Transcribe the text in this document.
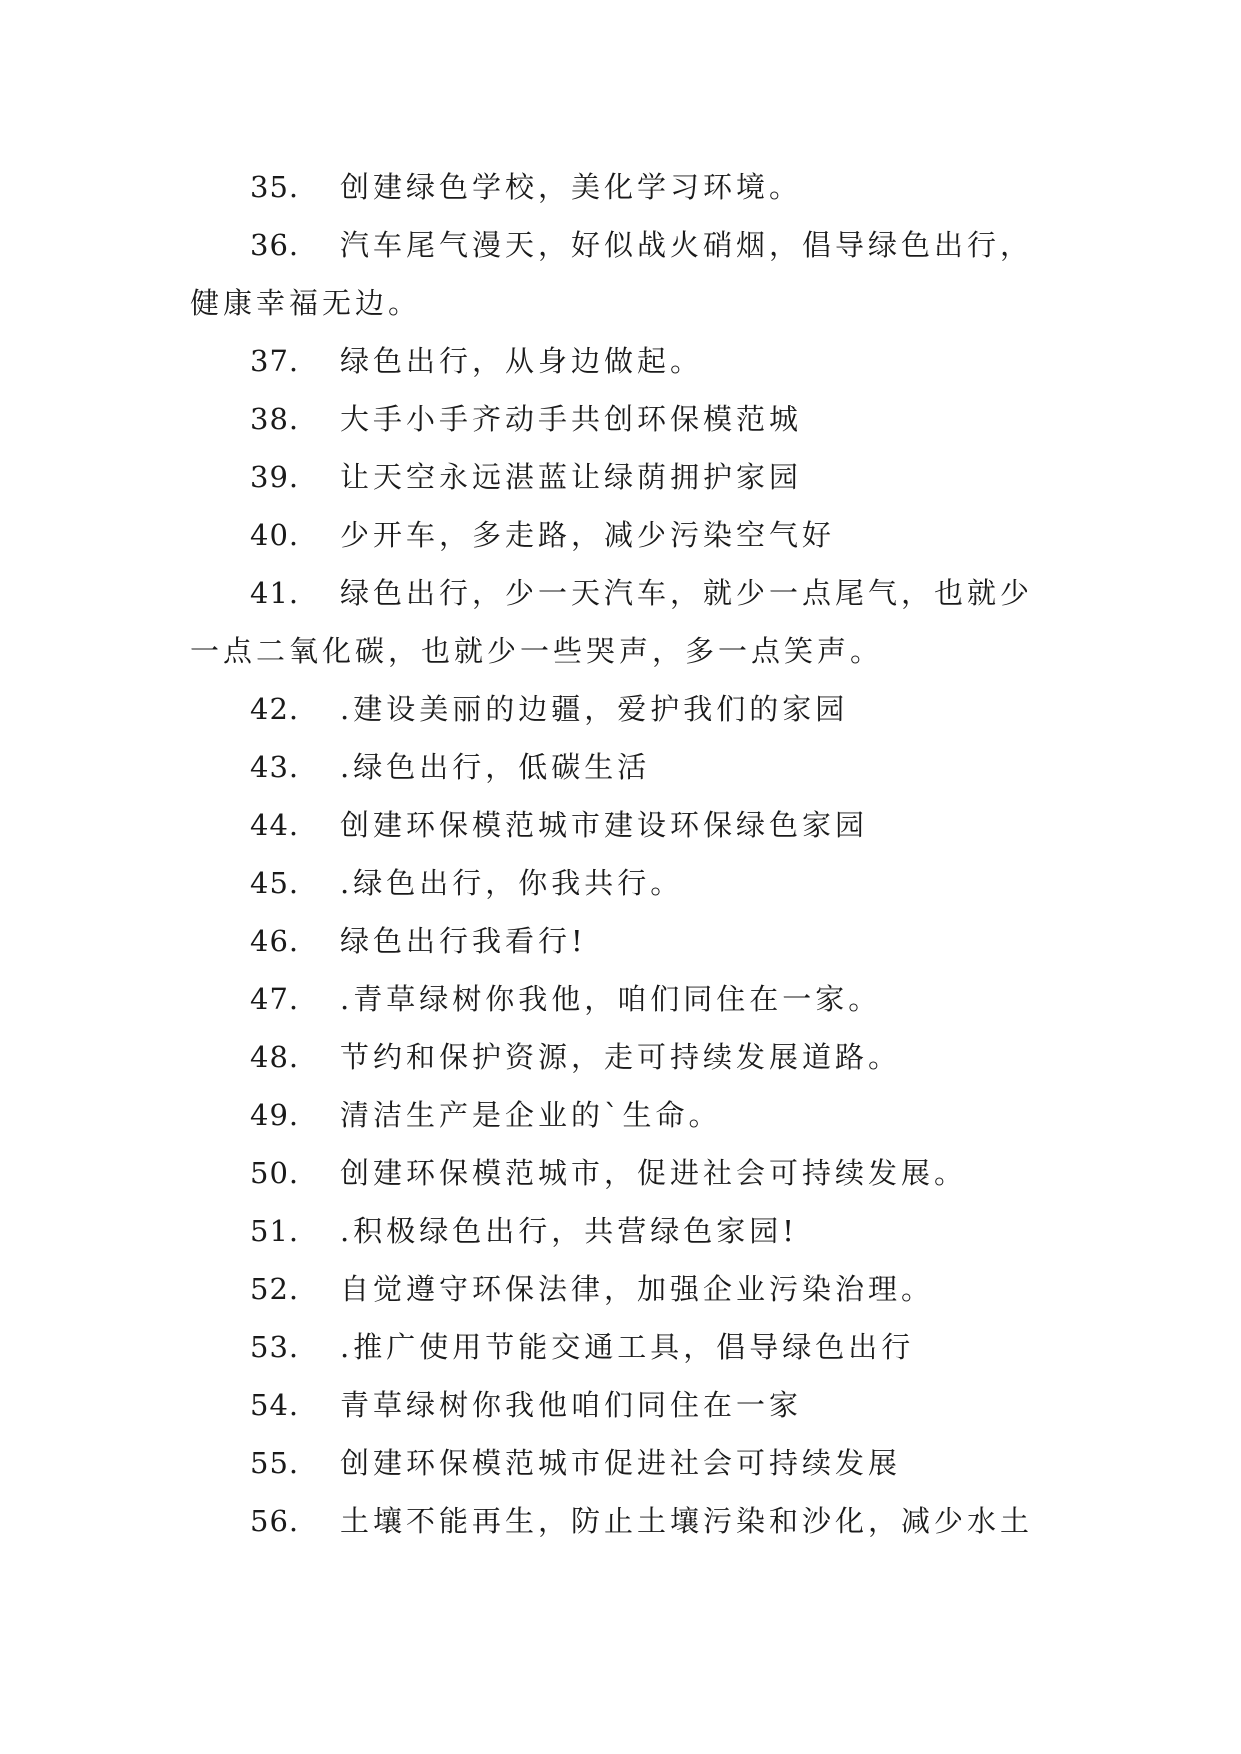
35. 创建绿色学校，美化学习环境。
36. 汽车尾气漫天，好似战火硝烟，倡导绿色出行，健康幸福无边。
37. 绿色出行，从身边做起。
38. 大手小手齐动手共创环保模范城
39. 让天空永远湛蓝让绿荫拥护家园
40. 少开车，多走路，减少污染空气好
41. 绿色出行，少一天汽车，就少一点尾气，也就少一点二氧化碳，也就少一些哭声，多一点笑声。
42. .建设美丽的边疆，爱护我们的家园
43. .绿色出行，低碳生活
44. 创建环保模范城市建设环保绿色家园
45. .绿色出行，你我共行。
46. 绿色出行我看行!
47. .青草绿树你我他，咱们同住在一家。
48. 节约和保护资源，走可持续发展道路。
49. 清洁生产是企业的`生命。
50. 创建环保模范城市，促进社会可持续发展。
51. .积极绿色出行，共营绿色家园!
52. 自觉遵守环保法律，加强企业污染治理。
53. .推广使用节能交通工具，倡导绿色出行
54. 青草绿树你我他咱们同住在一家
55. 创建环保模范城市促进社会可持续发展
56. 土壤不能再生，防止土壤污染和沙化，减少水土
